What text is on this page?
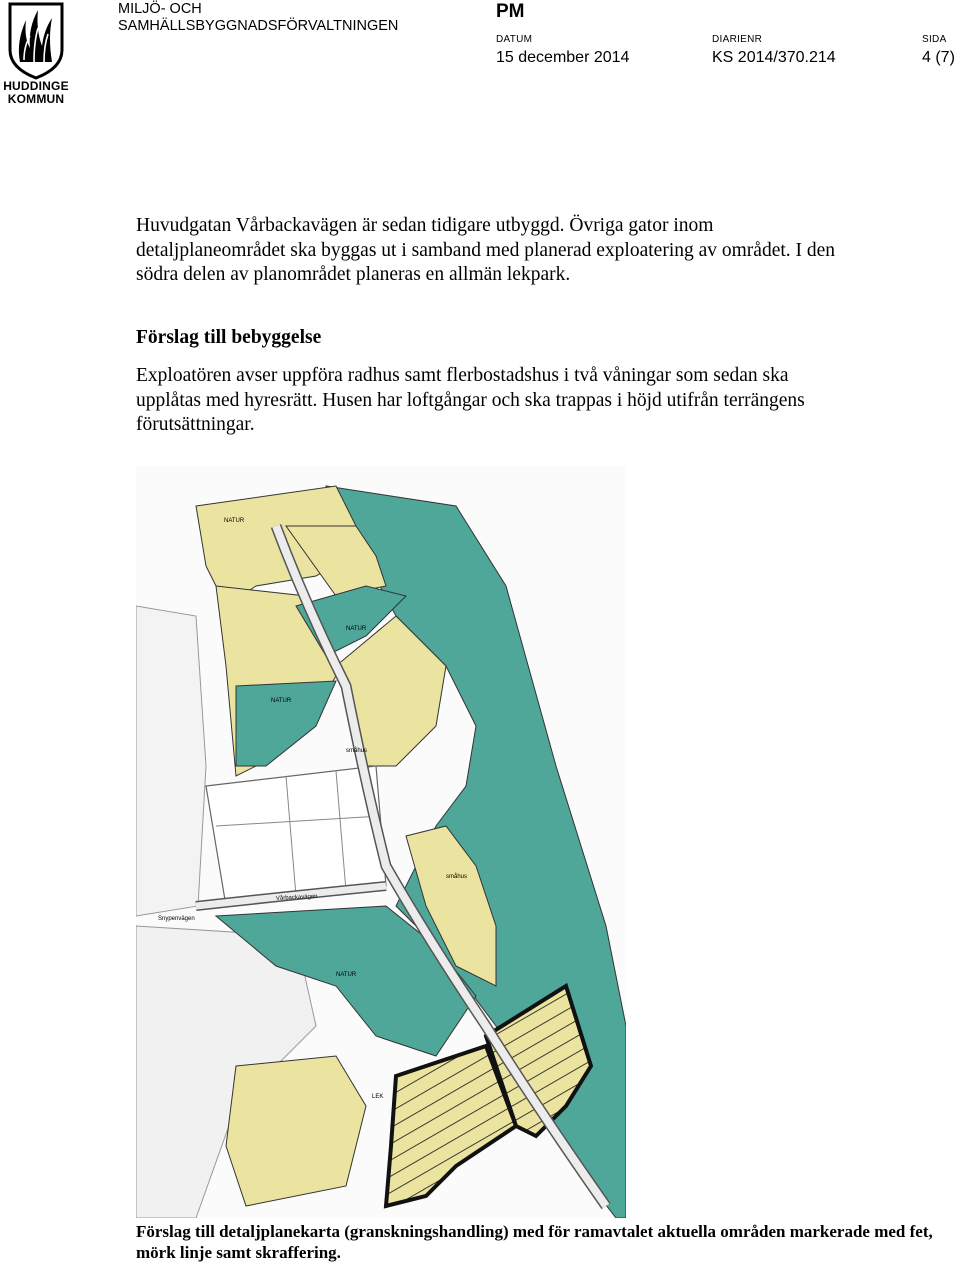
HUDDINGE
KOMMUN
MILJÖ- OCH
SAMHÄLLSBYGGNADSFÖRVALTNINGEN
PM
DATUM	DIARIENR	SIDA
15 december 2014	KS 2014/370.214	4 (7)

Huvudgatan Vårbackavägen är sedan tidigare utbyggd. Övriga gator inom detaljplaneområdet ska byggas ut i samband med planerad exploatering av området. I den södra delen av planområdet planeras en allmän lekpark.

Förslag till bebyggelse

Exploatören avser uppföra radhus samt flerbostadshus i två våningar som sedan ska upplåtas med hyresrätt. Husen har loftgångar och ska trappas i höjd utifrån terrängens förutsättningar.

NATUR
NATUR
NATUR
NATUR
LEK
Vårbackavägen
Snypenvägen
småhus
småhus

Förslag till detaljplanekarta (granskningshandling) med för ramavtalet aktuella områden markerade med fet, mörk linje samt skraffering.
